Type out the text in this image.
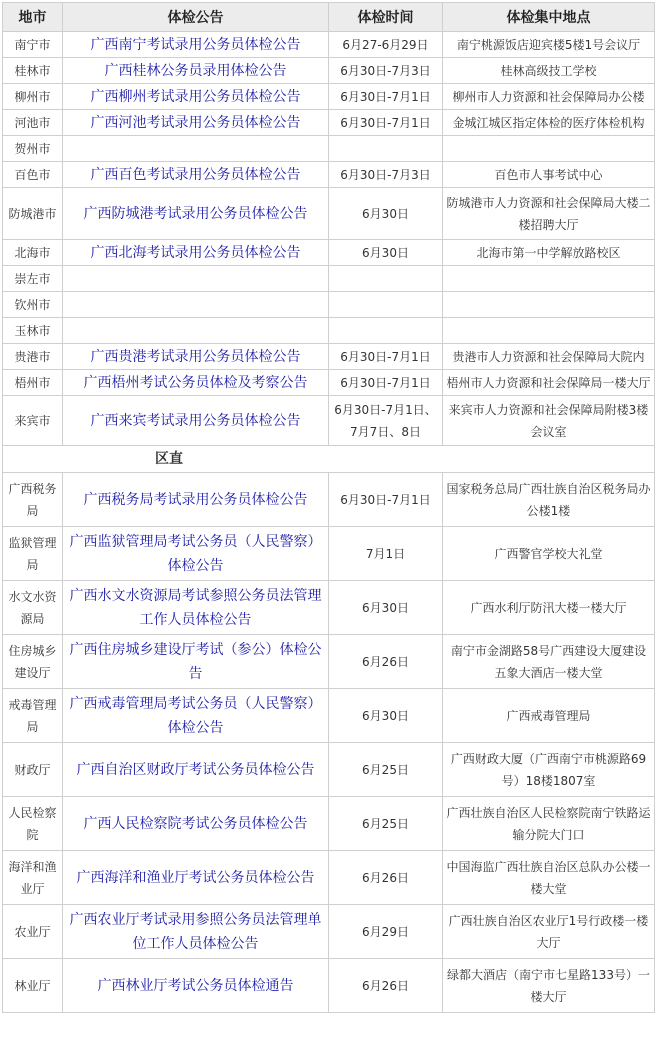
地市	体检公告	体检时间	体检集中地点
南宁市	广西南宁考试录用公务员体检公告	6月27-6月29日	南宁桃源饭店迎宾楼5楼1号会议厅
桂林市	广西桂林公务员录用体检公告	6月30日-7月3日	桂林高级技工学校
柳州市	广西柳州考试录用公务员体检公告	6月30日-7月1日	柳州市人力资源和社会保障局办公楼
河池市	广西河池考试录用公务员体检公告	6月30日-7月1日	金城江城区指定体检的医疗体检机构
贺州市			
百色市	广西百色考试录用公务员体检公告	6月30日-7月3日	百色市人事考试中心
防城港市	广西防城港考试录用公务员体检公告	6月30日	防城港市人力资源和社会保障局大楼二楼招聘大厅
北海市	广西北海考试录用公务员体检公告	6月30日	北海市第一中学解放路校区
崇左市			
钦州市			
玉林市			
贵港市	广西贵港考试录用公务员体检公告	6月30日-7月1日	贵港市人力资源和社会保障局大院内
梧州市	广西梧州考试公务员体检及考察公告	6月30日-7月1日	梧州市人力资源和社会保障局一楼大厅
来宾市	广西来宾考试录用公务员体检公告	6月30日-7月1日、7月7日、8日	来宾市人力资源和社会保障局附楼3楼会议室
区直			
广西税务局	广西税务局考试录用公务员体检公告	6月30日-7月1日	国家税务总局广西壮族自治区税务局办公楼1楼
监狱管理局	广西监狱管理局考试公务员（人民警察）体检公告	7月1日	广西警官学校大礼堂
水文水资源局	广西水文水资源局考试参照公务员法管理工作人员体检公告	6月30日	广西水利厅防汛大楼一楼大厅
住房城乡建设厅	广西住房城乡建设厅考试（参公）体检公告	6月26日	南宁市金湖路58号广西建设大厦建设五象大酒店一楼大堂
戒毒管理局	广西戒毒管理局考试公务员（人民警察）体检公告	6月30日	广西戒毒管理局
财政厅	广西自治区财政厅考试公务员体检公告	6月25日	广西财政大厦（广西南宁市桃源路69号）18楼1807室
人民检察院	广西人民检察院考试公务员体检公告	6月25日	广西壮族自治区人民检察院南宁铁路运输分院大门口
海洋和渔业厅	广西海洋和渔业厅考试公务员体检公告	6月26日	中国海监广西壮族自治区总队办公楼一楼大堂
农业厅	广西农业厅考试录用参照公务员法管理单位工作人员体检公告	6月29日	广西壮族自治区农业厅1号行政楼一楼大厅
林业厅	广西林业厅考试公务员体检通告	6月26日	绿都大酒店（南宁市七星路133号）一楼大厅
